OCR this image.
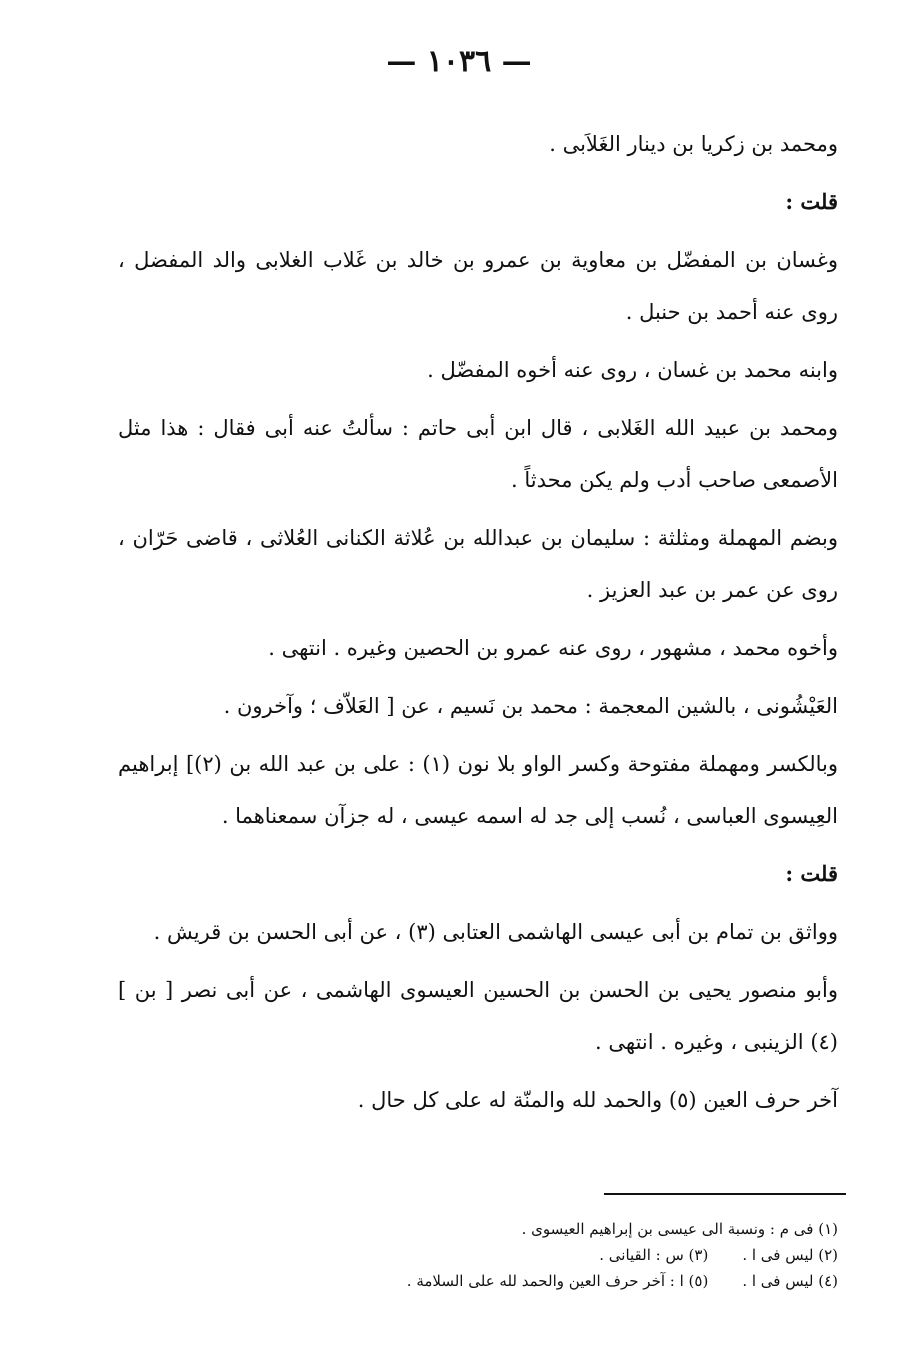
— ١٠٣٦ —

ومحمد بن زكريا بن دينار الغَلاَبى .

قلت :

وغسان بن المفضّل بن معاوية بن عمرو بن خالد بن غَلاب الغلابى والد المفضل ، روى عنه أحمد بن حنبل .

وابنه محمد بن غسان ، روى عنه أخوه المفضّل .

ومحمد بن عبيد الله الغَلابى ، قال ابن أبى حاتم : سألتُ عنه أبى فقال : هذا مثل الأصمعى صاحب أدب ولم يكن محدثاً .

وبضم المهملة ومثلثة : سليمان بن عبدالله بن عُلاثة الكنانى العُلاثى ، قاضى حَرّان ، روى عن عمر بن عبد العزيز .

وأخوه محمد ، مشهور ، روى عنه عمرو بن الحصين وغيره . انتهى .

العَيْشُونى ، بالشين المعجمة : محمد بن نَسيم ، عن [ العَلاّف ؛ وآخرون .

وبالكسر ومهملة مفتوحة وكسر الواو بلا نون (١) : على بن عبد الله بن (٢)] إبراهيم العِيسوى العباسى ، نُسب إلى جد له اسمه عيسى ، له جزآن سمعناهما .

قلت :

وواثق بن تمام بن أبى عيسى الهاشمى العتابى (٣) ، عن أبى الحسن بن قريش .

وأبو منصور يحيى بن الحسن بن الحسين العيسوى الهاشمى ، عن أبى نصر [ بن ] (٤) الزينبى ، وغيره . انتهى .

آخر حرف العين (٥) والحمد لله والمنّة له على كل حال .

(١) فى م : ونسبة الى عيسى بن إبراهيم العيسوى .
(٢) ليس فى ا .
(٣) س : القيانى .
(٤) ليس فى ا .
(٥) ا : آخر حرف العين والحمد لله على السلامة .
